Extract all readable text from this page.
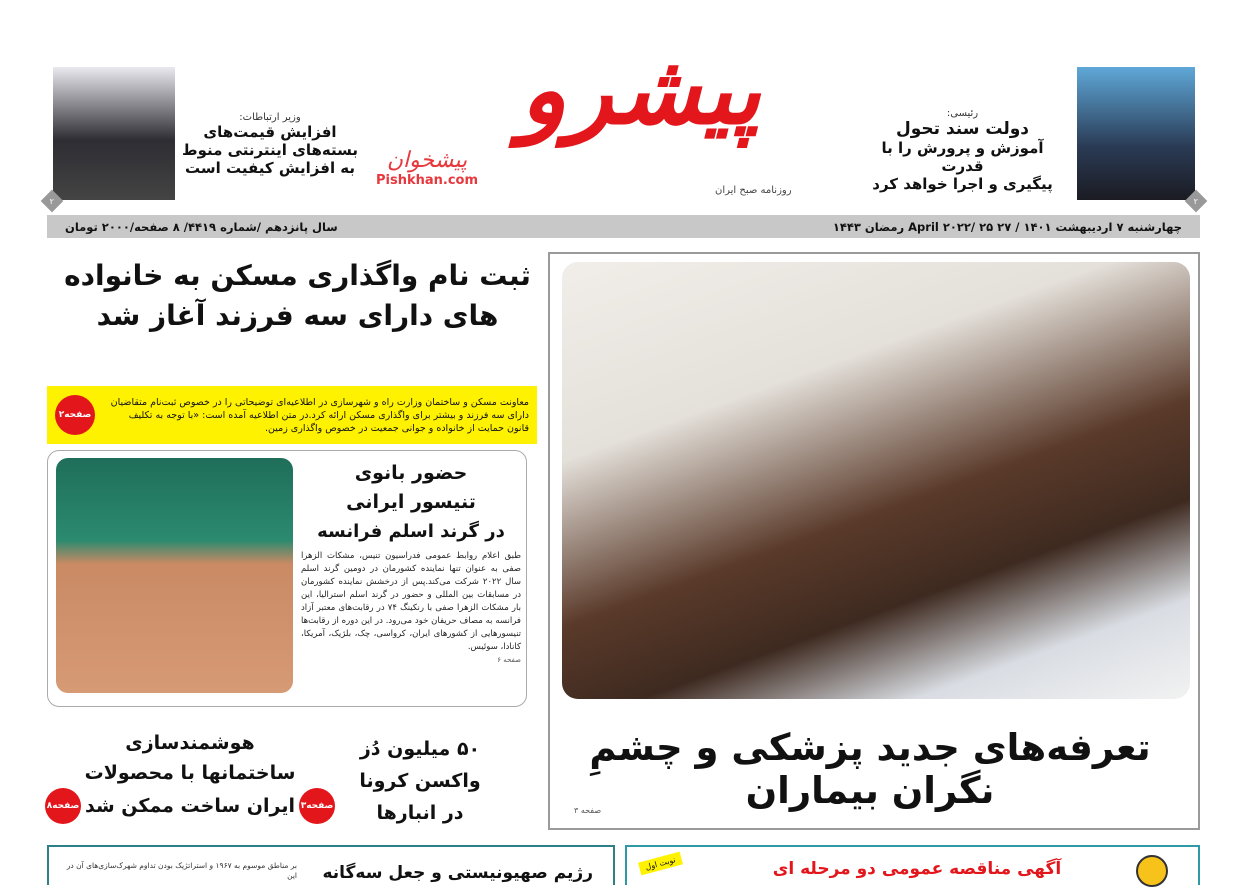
۲
رئیسی:
دولت سند تحول
آموزش و پرورش را با قدرت
پیگیری و اجرا خواهد کرد
۲
وزیر ارتباطات:
افزایش قیمت‌های
بسته‌های اینترنتی منوط
به افزایش کیفیت است
پیشرو
روزنامه صبح ایران
پیشخوان
Pishkhan.com
سال پانزدهم /شماره ۴۴۱۹/ ۸ صفحه/۲۰۰۰ تومان	چهارشنبه ۷ اردیبهشت ۱۴۰۱ / ۲۷ April ۲۰۲۲/ ۲۵ رمضان ۱۴۴۳
تعرفه‌های جدید پزشکی و چشمِ نگران بیماران
صفحه ۳
ثبت نام واگذاری مسکن به خانواده های دارای سه فرزند آغاز شد
صفحه۲
معاونت مسکن و ساختمان وزارت راه و شهرسازی در اطلاعیه‌ای توضیحاتی را در خصوص ثبت‌نام متقاضیان دارای سه فرزند و بیشتر برای واگذاری مسکن ارائه کرد.در متن اطلاعیه آمده است: «با توجه به تکلیف قانون حمایت از خانواده و جوانی جمعیت در خصوص واگذاری زمین.
حضور بانوی
تنیسور ایرانی
در گرند اسلم فرانسه
طبق اعلام روابط عمومی فدراسیون تنیس، مشکات الزهرا صفی به عنوان تنها نماینده کشورمان در دومین گرند اسلم سال ۲۰۲۲ شرکت می‌کند.پس از درخشش نماینده کشورمان در مسابقات بین المللی و حضور در گرند اسلم استرالیا، این بار مشکات الزهرا صفی با رنکینگ ۷۴ در رقابت‌های معتبر آزاد فرانسه به مصاف حریفان خود می‌رود. در این دوره از رقابت‌ها تنیسورهایی از کشورهای ایران، کرواسی، چک، بلژیک، آمریکا، کانادا، سوئیس.
صفحه ۶
۵۰ میلیون دُز
واکسن کرونا
در انبارها
هوشمندسازی
ساختمانها با محصولات
صفحه۳
ایران ساخت ممکن شد
صفحه۸
بر مناطق موسوم به ۱۹۶۷ و استراتژیک بودن تداوم شهرک‌سازی‌های آن در این رژیم صهیونیستی و جعل سه‌گانه	نوبت اول	آگهی مناقصه عمومی دو مرحله ای
